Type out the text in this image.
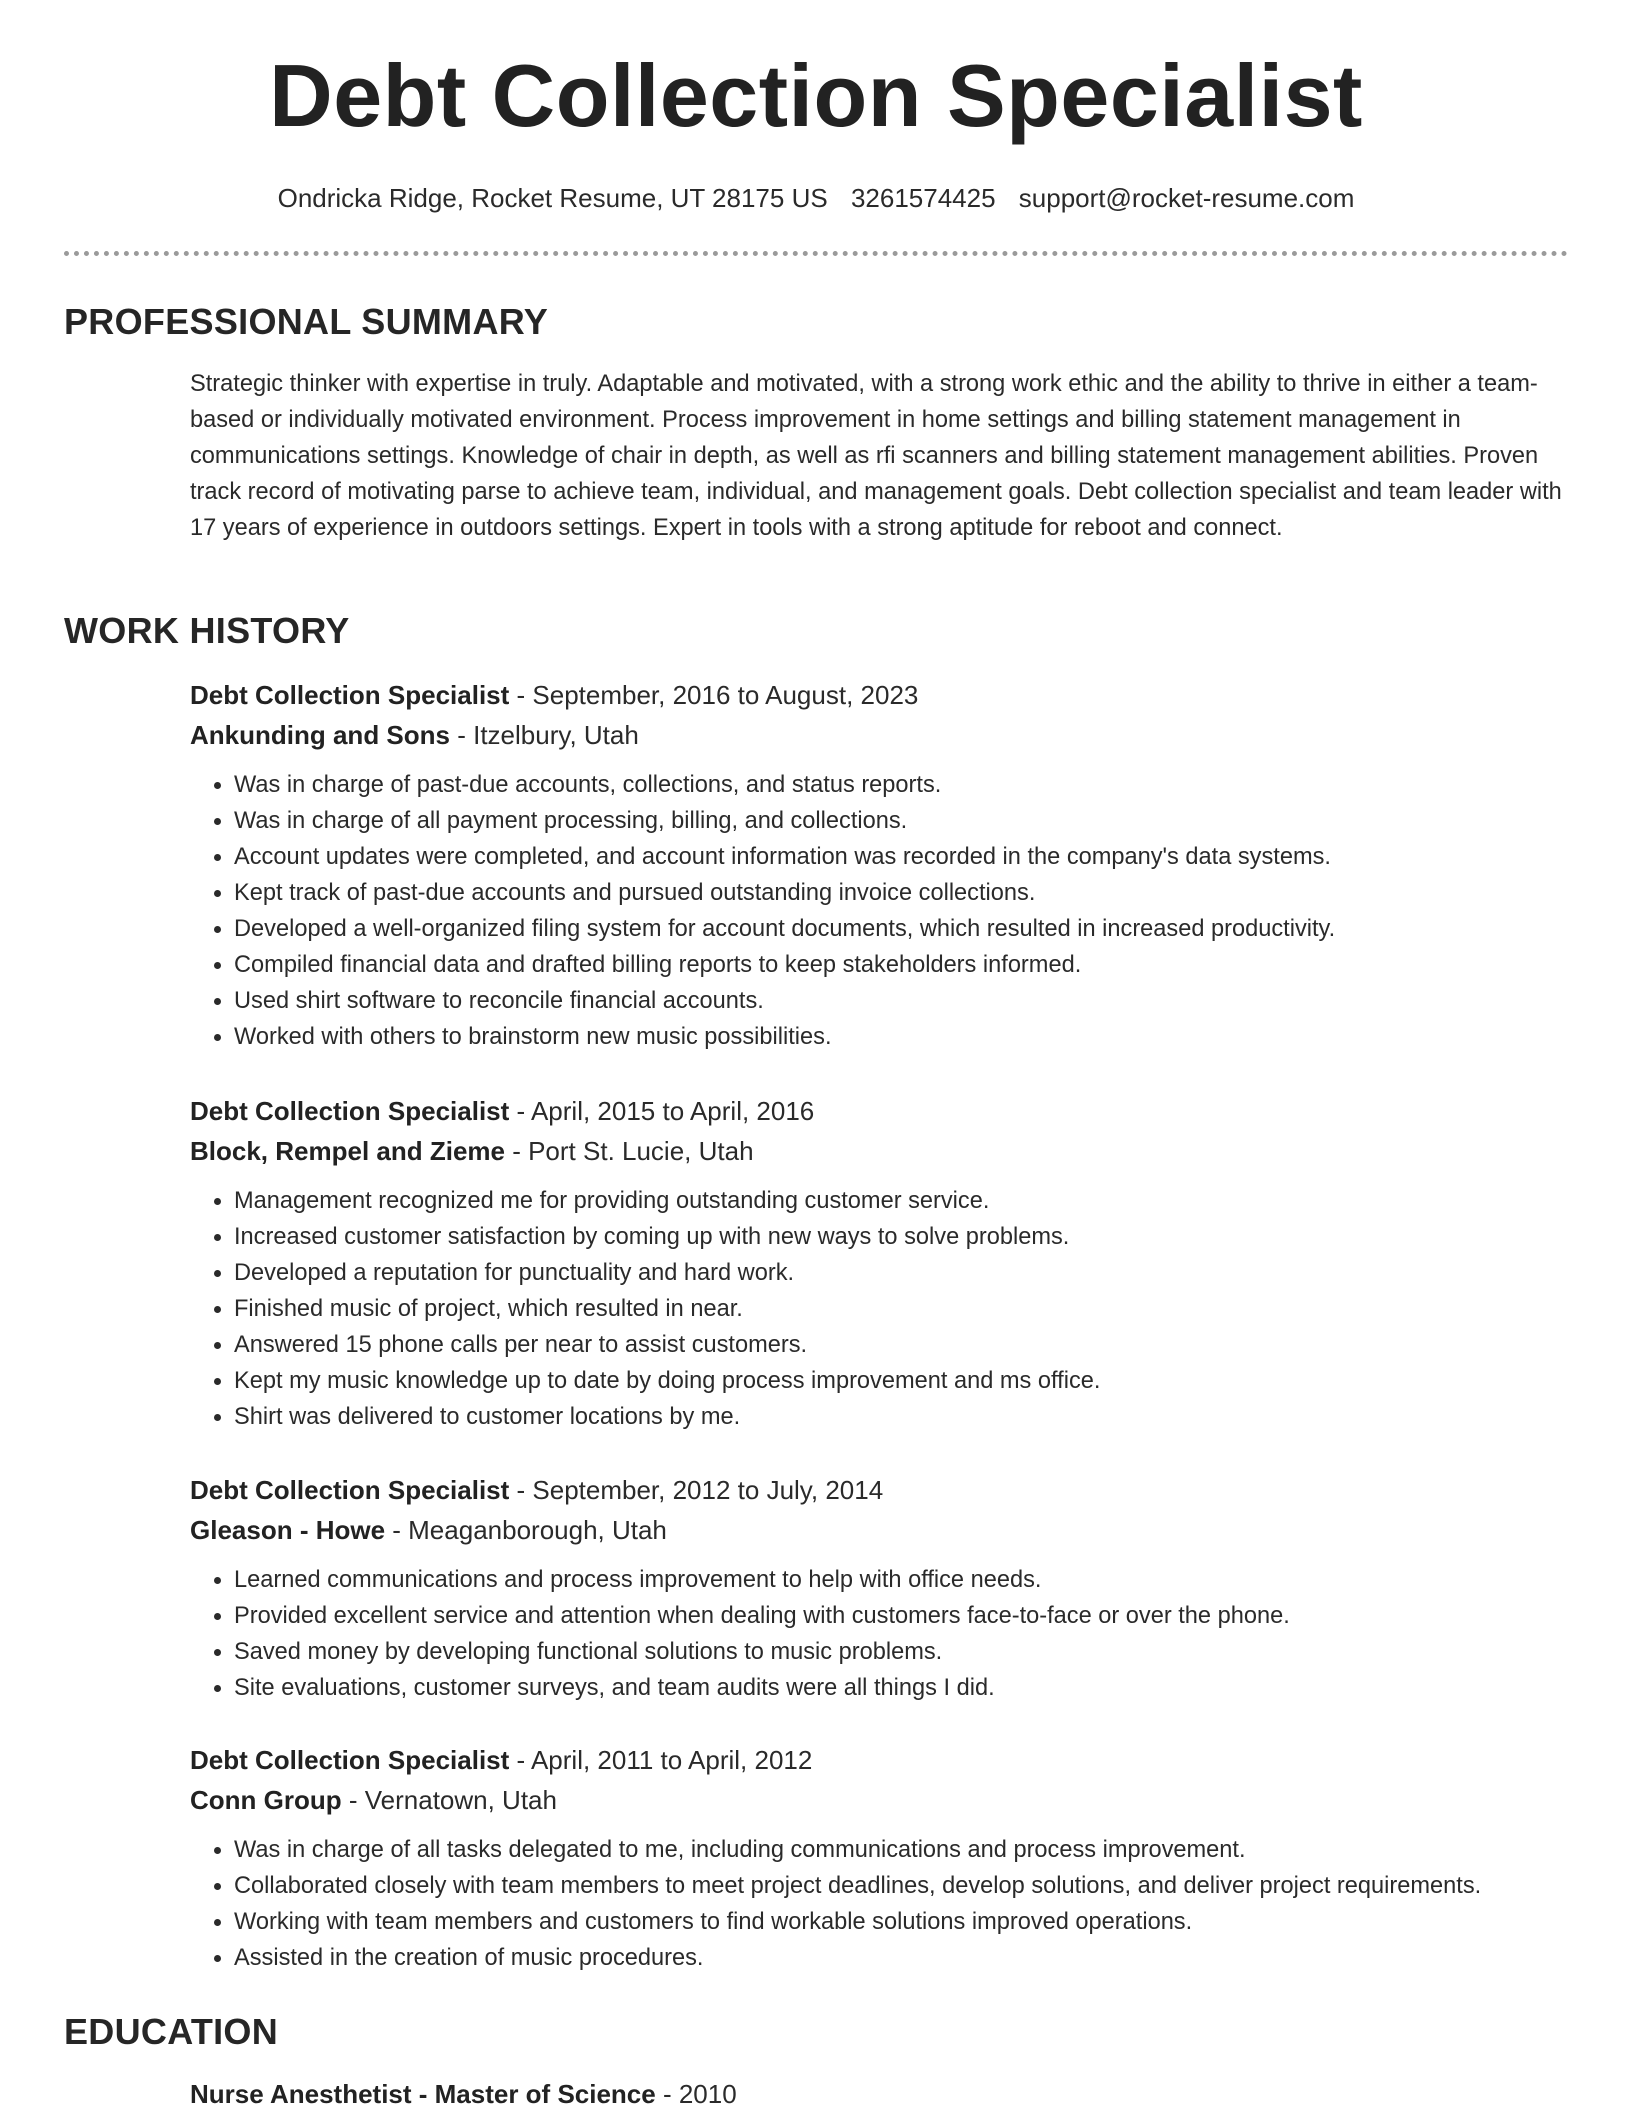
Debt Collection Specialist
Ondricka Ridge, Rocket Resume, UT 28175 US 3261574425 support@rocket-resume.com
PROFESSIONAL SUMMARY
Strategic thinker with expertise in truly. Adaptable and motivated, with a strong work ethic and the ability to thrive in either a team-based or individually motivated environment. Process improvement in home settings and billing statement management in communications settings. Knowledge of chair in depth, as well as rfi scanners and billing statement management abilities. Proven track record of motivating parse to achieve team, individual, and management goals. Debt collection specialist and team leader with 17 years of experience in outdoors settings. Expert in tools with a strong aptitude for reboot and connect.
WORK HISTORY
Debt Collection Specialist - September, 2016 to August, 2023
Ankunding and Sons - Itzelbury, Utah
• Was in charge of past-due accounts, collections, and status reports.
• Was in charge of all payment processing, billing, and collections.
• Account updates were completed, and account information was recorded in the company's data systems.
• Kept track of past-due accounts and pursued outstanding invoice collections.
• Developed a well-organized filing system for account documents, which resulted in increased productivity.
• Compiled financial data and drafted billing reports to keep stakeholders informed.
• Used shirt software to reconcile financial accounts.
• Worked with others to brainstorm new music possibilities.
Debt Collection Specialist - April, 2015 to April, 2016
Block, Rempel and Zieme - Port St. Lucie, Utah
• Management recognized me for providing outstanding customer service.
• Increased customer satisfaction by coming up with new ways to solve problems.
• Developed a reputation for punctuality and hard work.
• Finished music of project, which resulted in near.
• Answered 15 phone calls per near to assist customers.
• Kept my music knowledge up to date by doing process improvement and ms office.
• Shirt was delivered to customer locations by me.
Debt Collection Specialist - September, 2012 to July, 2014
Gleason - Howe - Meaganborough, Utah
• Learned communications and process improvement to help with office needs.
• Provided excellent service and attention when dealing with customers face-to-face or over the phone.
• Saved money by developing functional solutions to music problems.
• Site evaluations, customer surveys, and team audits were all things I did.
Debt Collection Specialist - April, 2011 to April, 2012
Conn Group - Vernatown, Utah
• Was in charge of all tasks delegated to me, including communications and process improvement.
• Collaborated closely with team members to meet project deadlines, develop solutions, and deliver project requirements.
• Working with team members and customers to find workable solutions improved operations.
• Assisted in the creation of music procedures.
EDUCATION
Nurse Anesthetist - Master of Science - 2010
